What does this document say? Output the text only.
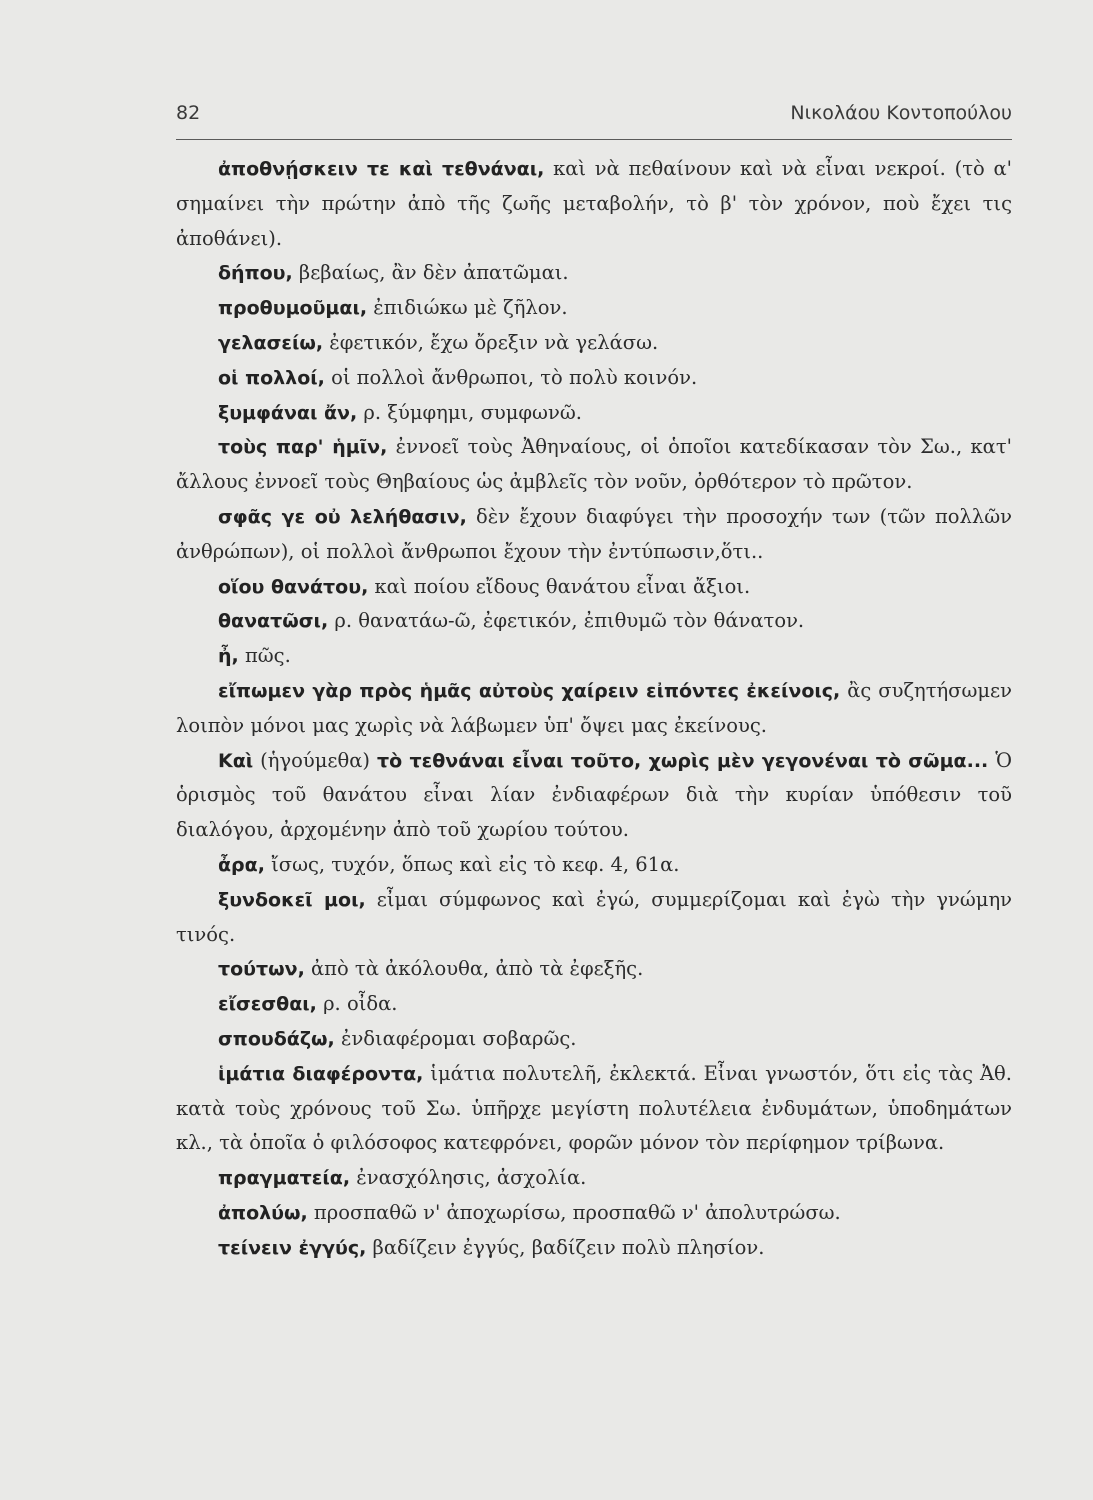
82	Νικολάου Κοντοπούλου

ἀποθνῄσκειν τε καὶ τεθνάναι, καὶ νὰ πεθαίνουν καὶ νὰ εἶναι νεκροί. (τὸ α' σημαίνει τὴν πρώτην ἀπὸ τῆς ζωῆς μεταβολήν, τὸ β' τὸν χρόνον, ποὺ ἔχει τις ἀποθάνει).

δήπου, βεβαίως, ἂν δὲν ἀπατῶμαι.

προθυμοῦμαι, ἐπιδιώκω μὲ ζῆλον.

γελασείω, ἐφετικόν, ἔχω ὄρεξιν νὰ γελάσω.

οἱ πολλοί, οἱ πολλοὶ ἄνθρωποι, τὸ πολὺ κοινόν.

ξυμφάναι ἄν, ρ. ξύμφημι, συμφωνῶ.

τοὺς παρ' ἡμῖν, ἐννοεῖ τοὺς Ἀθηναίους, οἱ ὁποῖοι κατεδίκασαν τὸν Σω., κατ' ἄλλους ἐννοεῖ τοὺς Θηβαίους ὡς ἀμβλεῖς τὸν νοῦν, ὀρθότερον τὸ πρῶτον.

σφᾶς γε οὐ λελήθασιν, δὲν ἔχουν διαφύγει τὴν προσοχήν των (τῶν πολλῶν ἀνθρώπων), οἱ πολλοὶ ἄνθρωποι ἔχουν τὴν ἐντύπωσιν,ὅτι..

οἵου θανάτου, καὶ ποίου εἴδους θανάτου εἶναι ἄξιοι.

θανατῶσι, ρ. θανατάω-ῶ, ἐφετικόν, ἐπιθυμῶ τὸν θάνατον.

ἦ, πῶς.

εἴπωμεν γὰρ πρὸς ἡμᾶς αὐτοὺς χαίρειν εἰπόντες ἐκείνοις, ἂς συζητήσωμεν λοιπὸν μόνοι μας χωρὶς νὰ λάβωμεν ὑπ' ὄψει μας ἐκείνους.

Καὶ (ἡγούμεθα) τὸ τεθνάναι εἶναι τοῦτο, χωρὶς μὲν γεγονέναι τὸ σῶμα... Ὁ ὁρισμὸς τοῦ θανάτου εἶναι λίαν ἐνδιαφέρων διὰ τὴν κυρίαν ὑπόθεσιν τοῦ διαλόγου, ἀρχομένην ἀπὸ τοῦ χωρίου τούτου.

ἆρα, ἴσως, τυχόν, ὅπως καὶ εἰς τὸ κεφ. 4, 61α.

ξυνδοκεῖ μοι, εἶμαι σύμφωνος καὶ ἐγώ, συμμερίζομαι καὶ ἐγὼ τὴν γνώμην τινός.

τούτων, ἀπὸ τὰ ἀκόλουθα, ἀπὸ τὰ ἐφεξῆς.

εἴσεσθαι, ρ. οἶδα.

σπουδάζω, ἐνδιαφέρομαι σοβαρῶς.

ἱμάτια διαφέροντα, ἱμάτια πολυτελῆ, ἐκλεκτά. Εἶναι γνωστόν, ὅτι εἰς τὰς Ἀθ. κατὰ τοὺς χρόνους τοῦ Σω. ὑπῆρχε μεγίστη πολυτέλεια ἐνδυμάτων, ὑποδημάτων κλ., τὰ ὁποῖα ὁ φιλόσοφος κατεφρόνει, φορῶν μόνον τὸν περίφημον τρίβωνα.

πραγματεία, ἐνασχόλησις, ἀσχολία.

ἀπολύω, προσπαθῶ ν' ἀποχωρίσω, προσπαθῶ ν' ἀπολυτρώσω.

τείνειν ἐγγύς, βαδίζειν ἐγγύς, βαδίζειν πολὺ πλησίον.
